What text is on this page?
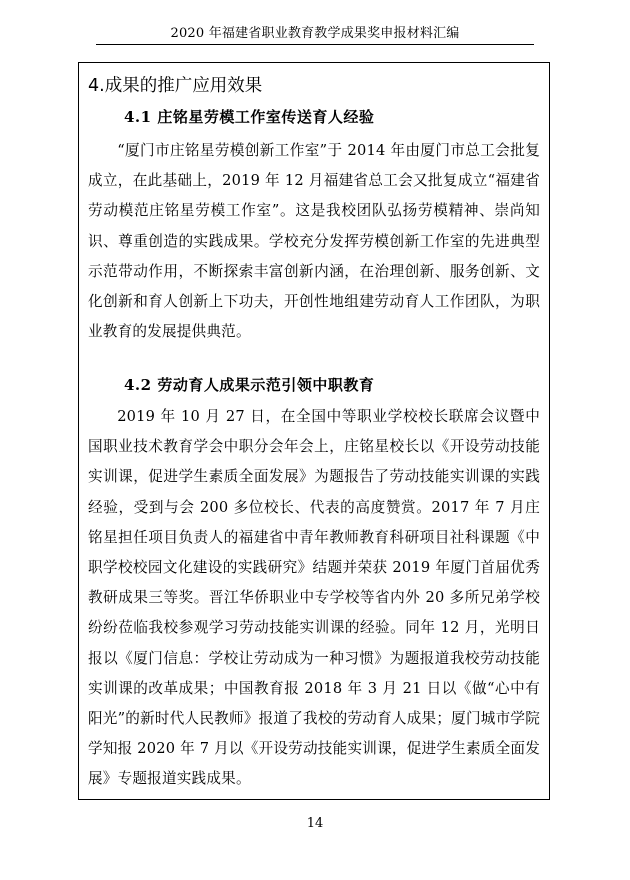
2020 年福建省职业教育教学成果奖申报材料汇编
4.成果的推广应用效果
4.1 庄铭星劳模工作室传送育人经验
“厦门市庄铭星劳模创新工作室”于 2014 年由厦门市总工会批复成立，在此基础上，2019 年 12 月福建省总工会又批复成立“福建省劳动模范庄铭星劳模工作室”。这是我校团队弘扬劳模精神、崇尚知识、尊重创造的实践成果。学校充分发挥劳模创新工作室的先进典型示范带动作用，不断探索丰富创新内涵，在治理创新、服务创新、文化创新和育人创新上下功夫，开创性地组建劳动育人工作团队，为职业教育的发展提供典范。
4.2 劳动育人成果示范引领中职教育
2019 年 10 月 27 日，在全国中等职业学校校长联席会议暨中国职业技术教育学会中职分会年会上，庄铭星校长以《开设劳动技能实训课，促进学生素质全面发展》为题报告了劳动技能实训课的实践经验，受到与会 200 多位校长、代表的高度赞赏。2017 年 7 月庄铭星担任项目负责人的福建省中青年教师教育科研项目社科课题《中职学校校园文化建设的实践研究》结题并荣获 2019 年厦门首届优秀教研成果三等奖。晋江华侨职业中专学校等省内外 20 多所兄弟学校纷纷莅临我校参观学习劳动技能实训课的经验。同年 12 月，光明日报以《厦门信息：学校让劳动成为一种习惯》为题报道我校劳动技能实训课的改革成果；中国教育报 2018 年 3 月 21 日以《做“心中有阳光”的新时代人民教师》报道了我校的劳动育人成果；厦门城市学院学知报 2020 年 7 月以《开设劳动技能实训课，促进学生素质全面发展》专题报道实践成果。
14
